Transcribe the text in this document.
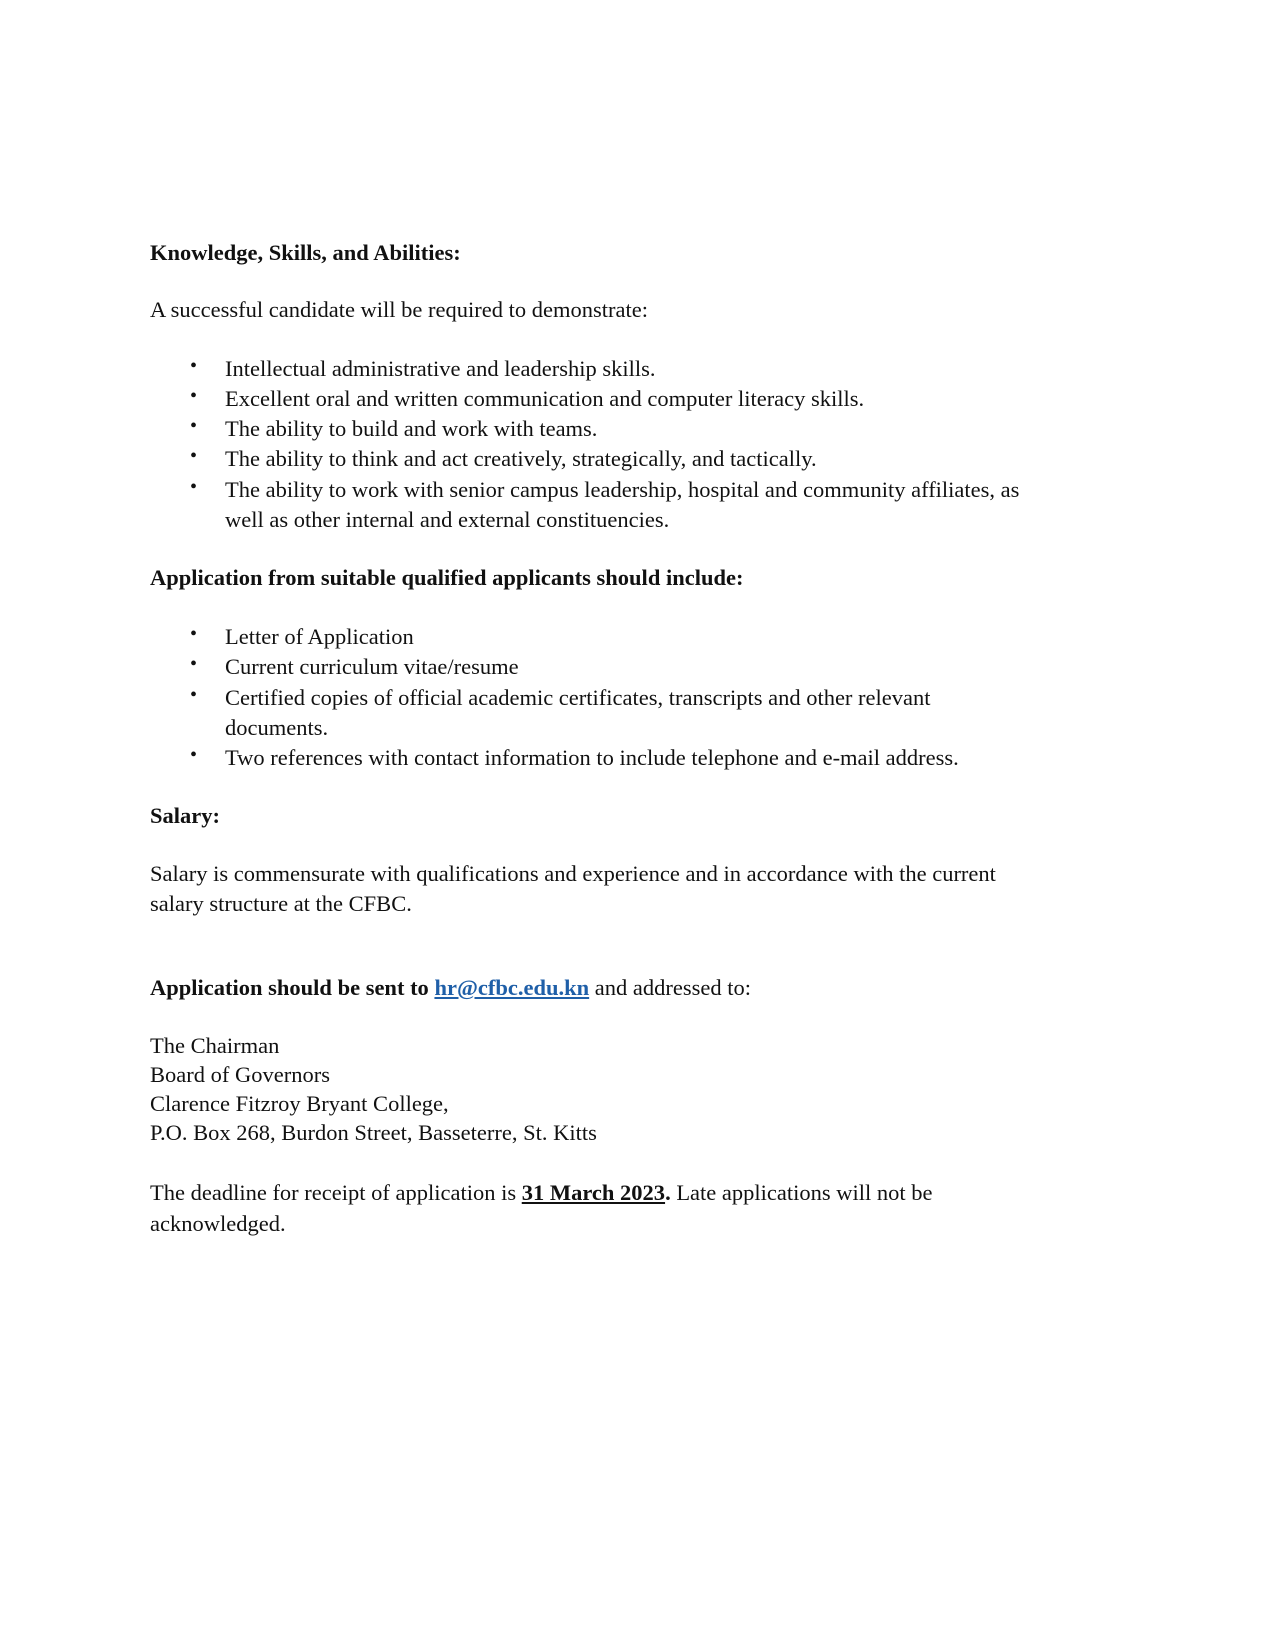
Knowledge, Skills, and Abilities:
A successful candidate will be required to demonstrate:
• Intellectual administrative and leadership skills.
• Excellent oral and written communication and computer literacy skills.
• The ability to build and work with teams.
• The ability to think and act creatively, strategically, and tactically.
• The ability to work with senior campus leadership, hospital and community affiliates, as
well as other internal and external constituencies.
Application from suitable qualified applicants should include:
• Letter of Application
• Current curriculum vitae/resume
• Certified copies of official academic certificates, transcripts and other relevant
documents.
• Two references with contact information to include telephone and e-mail address.
Salary:
Salary is commensurate with qualifications and experience and in accordance with the current
salary structure at the CFBC.
Application should be sent to hr@cfbc.edu.kn and addressed to:
The Chairman
Board of Governors
Clarence Fitzroy Bryant College,
P.O. Box 268, Burdon Street, Basseterre, St. Kitts
The deadline for receipt of application is 31 March 2023. Late applications will not be
acknowledged.
